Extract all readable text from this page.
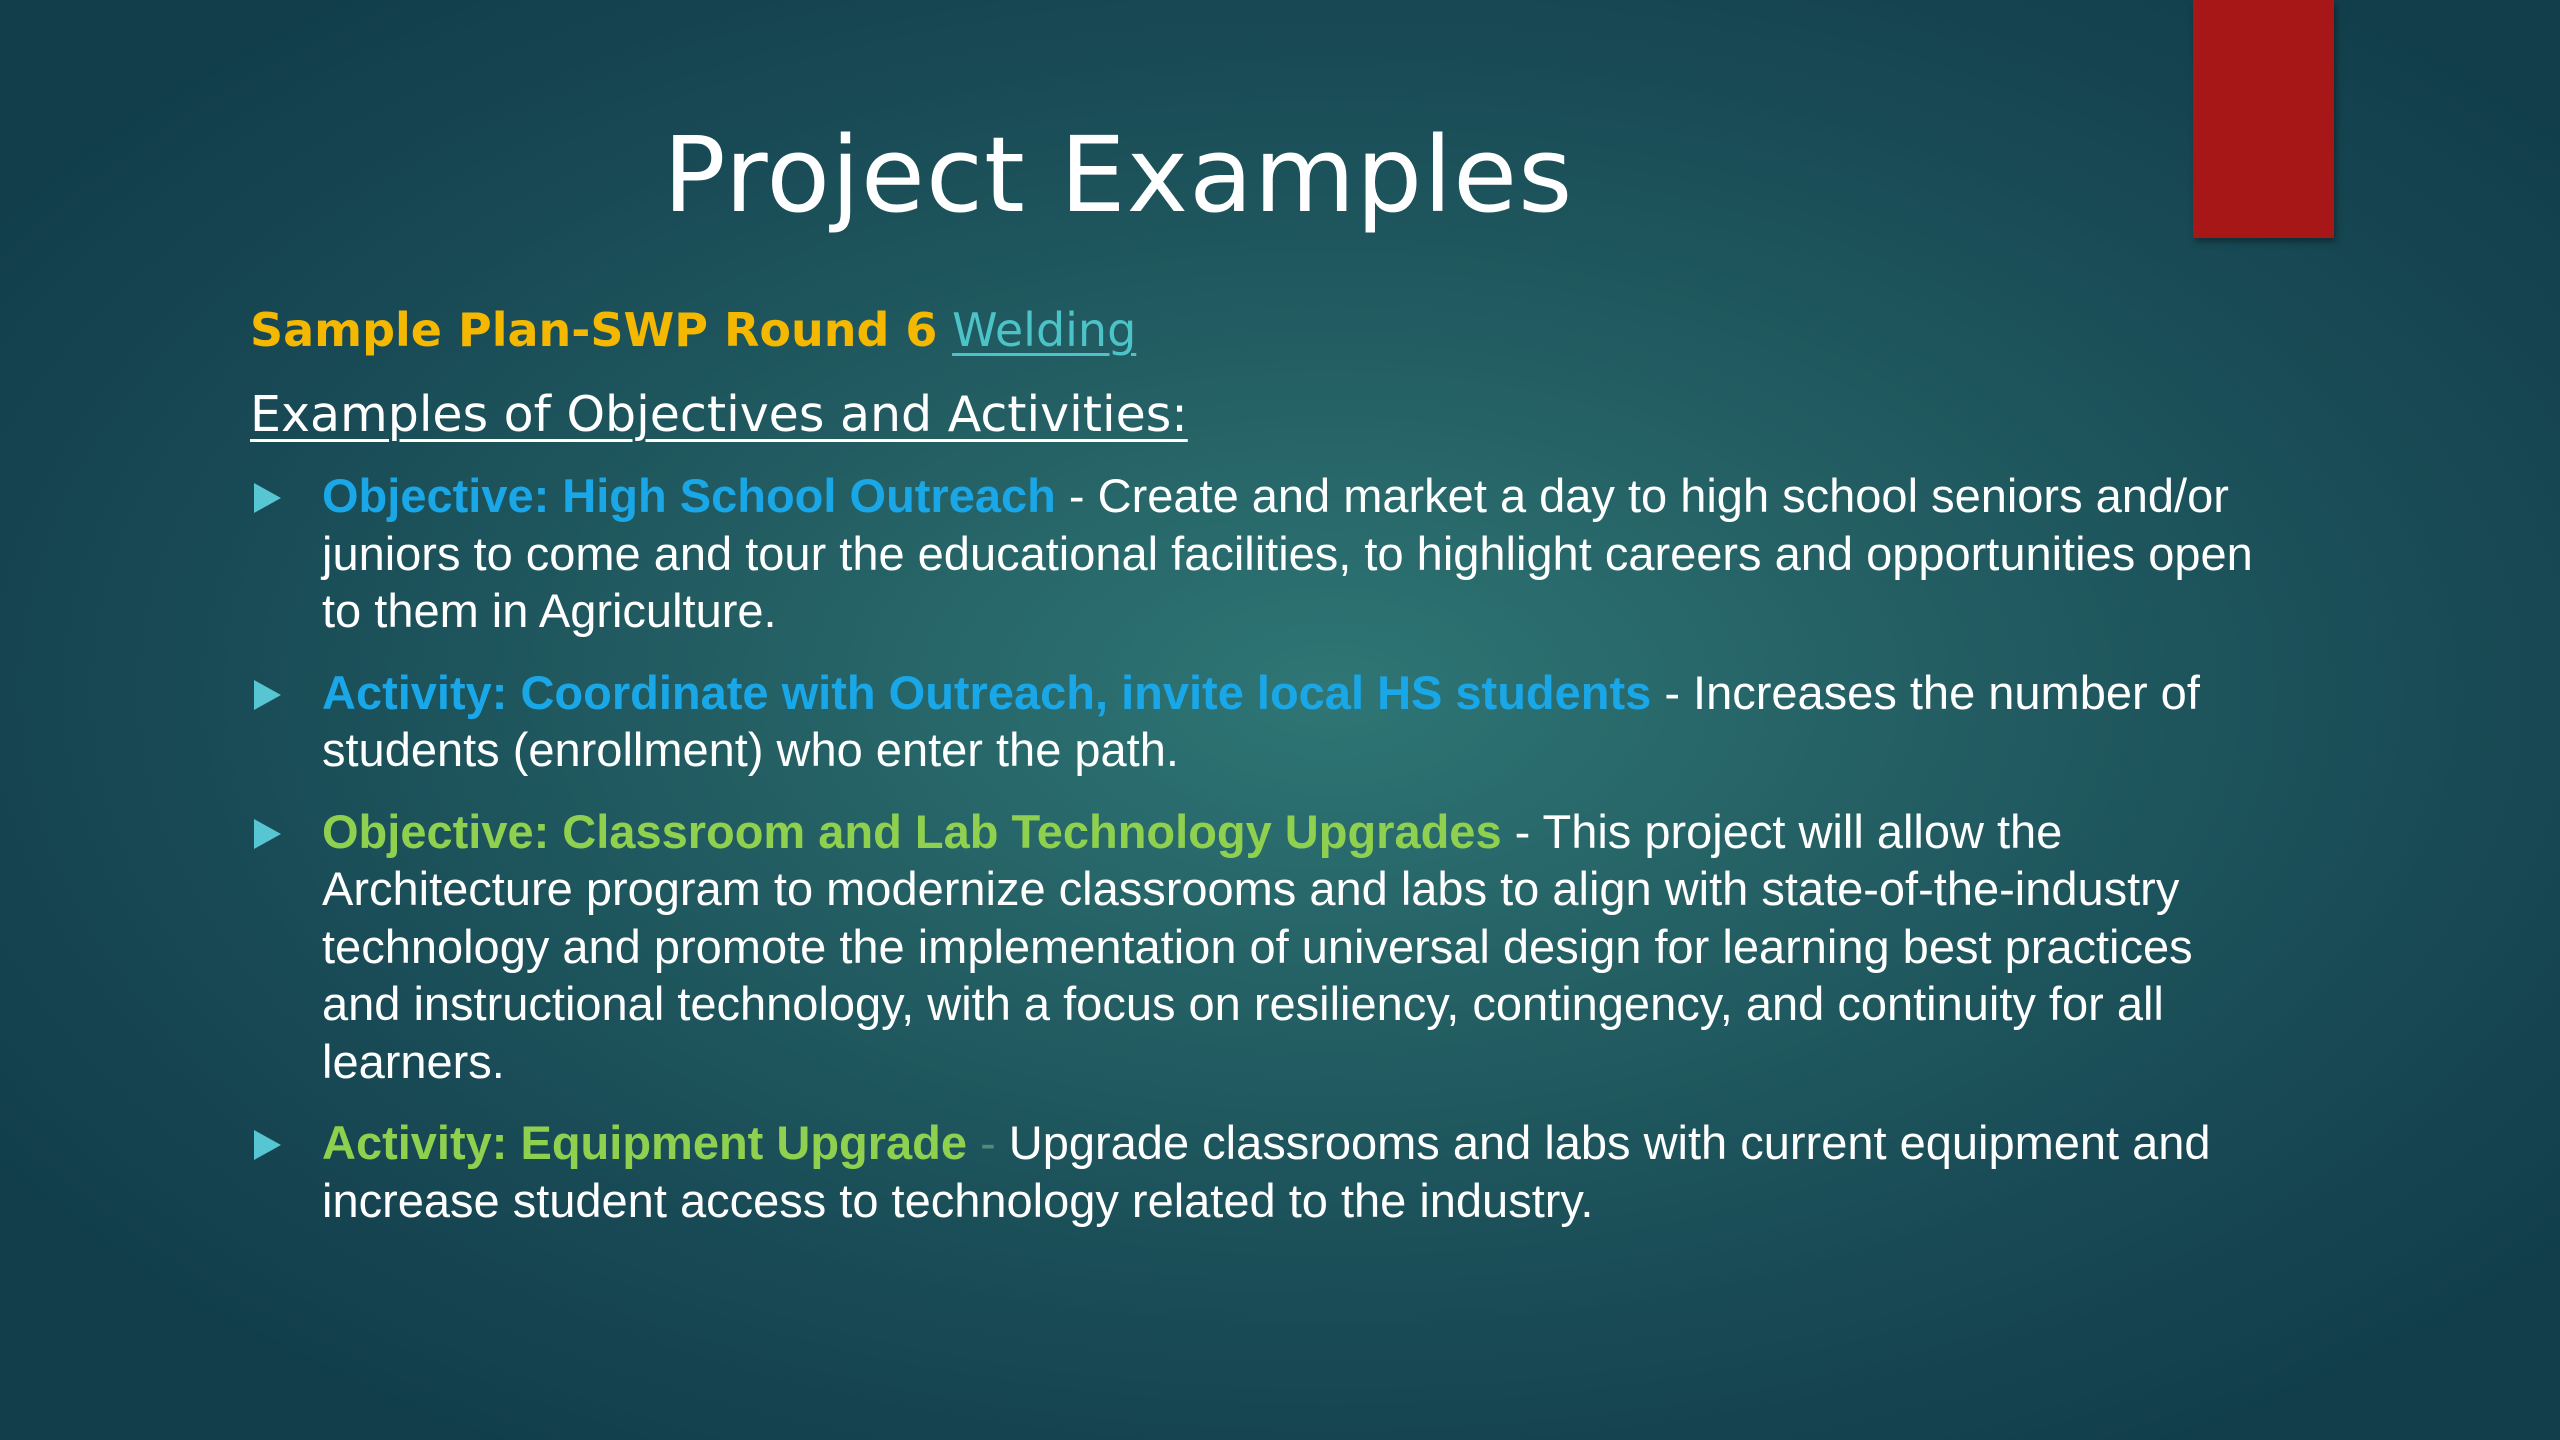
Project Examples
Sample Plan-SWP Round 6 Welding
Examples of Objectives and Activities:
Objective: High School Outreach - Create and market a day to high school seniors and/or juniors to come and tour the educational facilities, to highlight careers and opportunities open to them in Agriculture.
Activity: Coordinate with Outreach, invite local HS students - Increases the number of students (enrollment) who enter the path.
Objective: Classroom and Lab Technology Upgrades - This project will allow the Architecture program to modernize classrooms and labs to align with state-of-the-industry technology and promote the implementation of universal design for learning best practices and instructional technology, with a focus on resiliency, contingency, and continuity for all learners.
Activity: Equipment Upgrade - Upgrade classrooms and labs with current equipment and increase student access to technology related to the industry.
